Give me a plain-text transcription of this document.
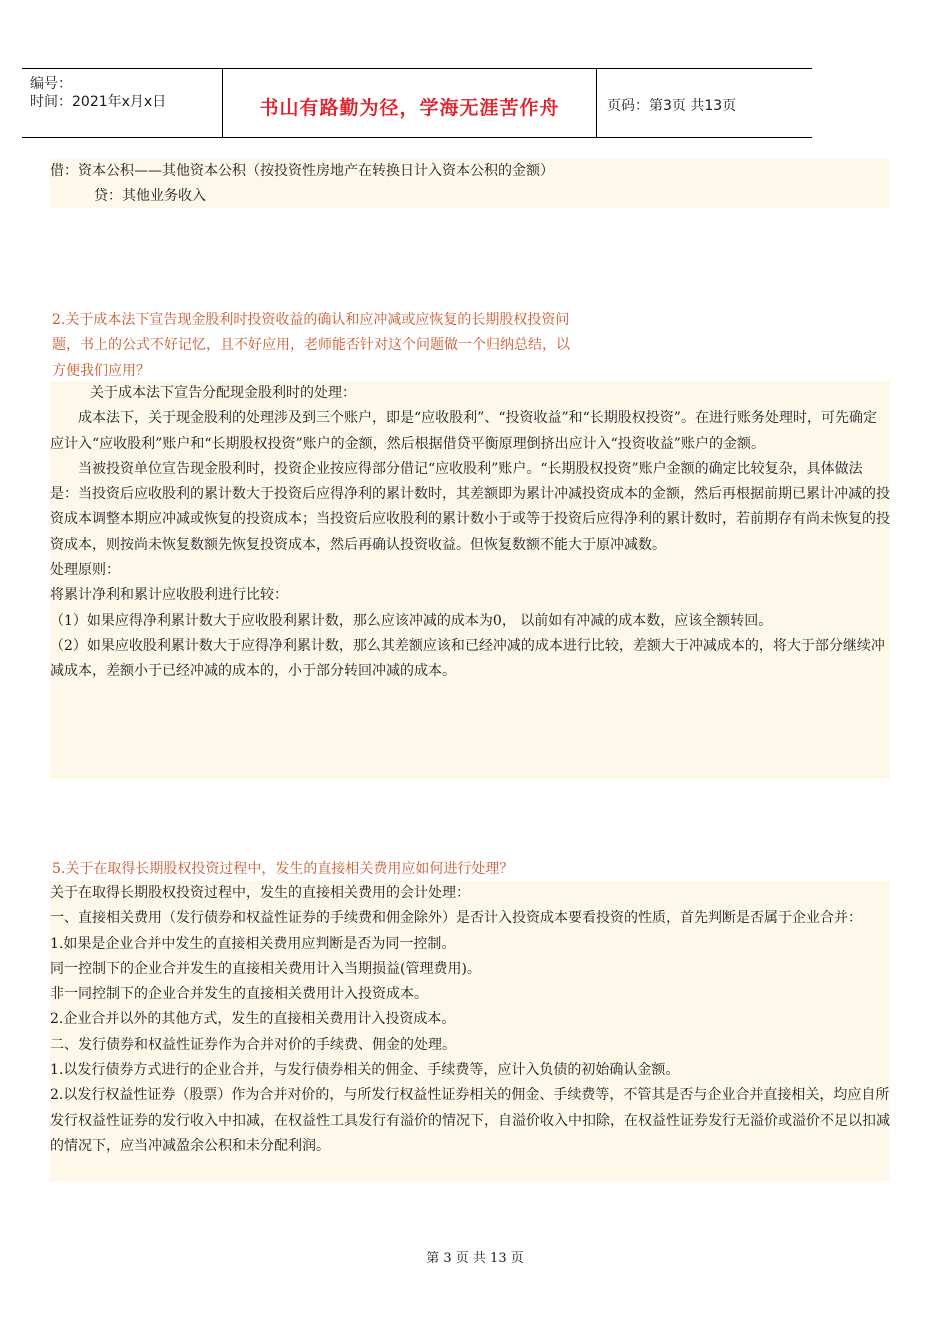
编号：
时间：2021年x月x日	书山有路勤为径，学海无涯苦作舟	页码：第3页 共13页

借：资本公积——其他资本公积（按投资性房地产在转换日计入资本公积的金额）

贷：其他业务收入

2.关于成本法下宣告现金股利时投资收益的确认和应冲减或应恢复的长期股权投资问

题，书上的公式不好记忆，且不好应用，老师能否针对这个问题做一个归纳总结，以

方便我们应用？

关于成本法下宣告分配现金股利时的处理：

成本法下，关于现金股利的处理涉及到三个账户，即是“应收股利”、“投资收益”和“长期股权投资”。在进行账务处理时，可先确定应计入“应收股利”账户和“长期股权投资”账户的金额，然后根据借贷平衡原理倒挤出应计入“投资收益”账户的金额。

当被投资单位宣告现金股利时，投资企业按应得部分借记“应收股利”账户。“长期股权投资”账户金额的确定比较复杂，具体做法是：当投资后应收股利的累计数大于投资后应得净利的累计数时，其差额即为累计冲减投资成本的金额，然后再根据前期已累计冲减的投资成本调整本期应冲减或恢复的投资成本；当投资后应收股利的累计数小于或等于投资后应得净利的累计数时，若前期存有尚未恢复的投资成本，则按尚未恢复数额先恢复投资成本，然后再确认投资收益。但恢复数额不能大于原冲减数。

处理原则：

将累计净利和累计应收股利进行比较：

（1）如果应得净利累计数大于应收股利累计数，那么应该冲减的成本为0， 以前如有冲减的成本数，应该全额转回。

（2）如果应收股利累计数大于应得净利累计数，那么其差额应该和已经冲减的成本进行比较，差额大于冲减成本的，将大于部分继续冲减成本，差额小于已经冲减的成本的，小于部分转回冲减的成本。

5.关于在取得长期股权投资过程中，发生的直接相关费用应如何进行处理？

关于在取得长期股权投资过程中，发生的直接相关费用的会计处理：

一、直接相关费用（发行债券和权益性证券的手续费和佣金除外）是否计入投资成本要看投资的性质，首先判断是否属于企业合并：

1.如果是企业合并中发生的直接相关费用应判断是否为同一控制。

同一控制下的企业合并发生的直接相关费用计入当期损益(管理费用)。

非一同控制下的企业合并发生的直接相关费用计入投资成本。

2.企业合并以外的其他方式，发生的直接相关费用计入投资成本。

二、发行债券和权益性证券作为合并对价的手续费、佣金的处理。

1.以发行债券方式进行的企业合并，与发行债券相关的佣金、手续费等，应计入负债的初始确认金额。

2.以发行权益性证券（股票）作为合并对价的，与所发行权益性证券相关的佣金、手续费等，不管其是否与企业合并直接相关，均应自所发行权益性证券的发行收入中扣减，在权益性工具发行有溢价的情况下，自溢价收入中扣除，在权益性证券发行无溢价或溢价不足以扣减的情况下，应当冲减盈余公积和未分配利润。

第 3 页 共 13 页
